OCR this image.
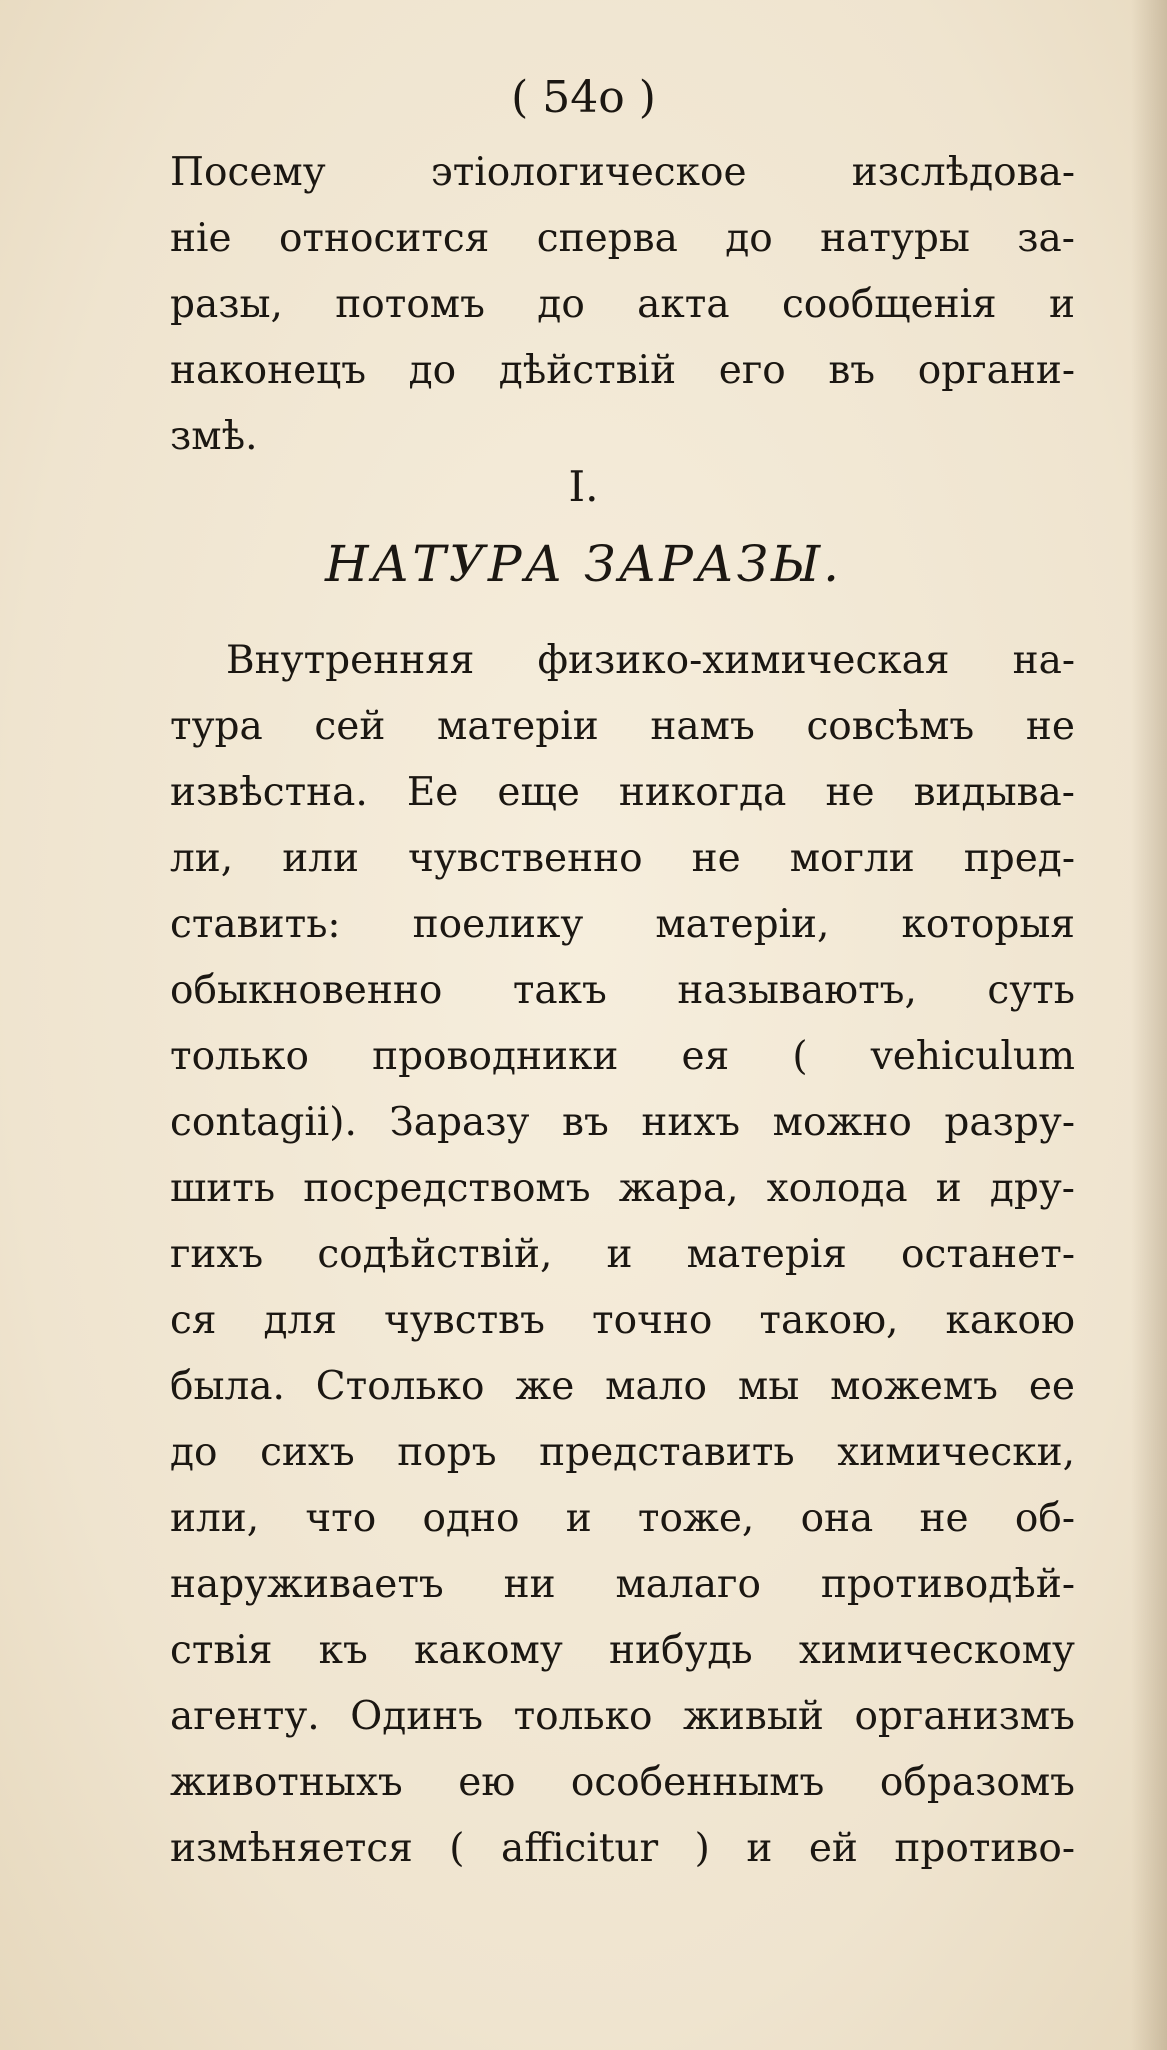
( 54o )
Посему этіологическое изслѣдова-
ніе относится сперва до натуры за-
разы, потомъ до акта сообщенія и
наконецъ до дѣйствій его въ органи-
змѣ.
I.
НАТУРА ЗАРАЗЫ.
Внутренняя физико-химическая на-
тура сей матеріи намъ совсѣмъ не
извѣстна. Ее еще никогда не видыва-
ли, или чувственно не могли пред-
ставить: поелику матеріи, которыя
обыкновенно такъ называютъ, суть
только проводники ея ( vehiculum
contagii). Заразу въ нихъ можно разру-
шить посредствомъ жара, холода и дру-
гихъ содѣйствій, и матерія останет-
ся для чувствъ точно такою, какою
была. Столько же мало мы можемъ ее
до сихъ поръ представить химически,
или, что одно и тоже, она не об-
наруживаетъ ни малаго противодѣй-
ствія къ какому нибудь химическому
агенту. Одинъ только живый организмъ
животныхъ ею особеннымъ образомъ
измѣняется ( afficitur ) и ей противо-
